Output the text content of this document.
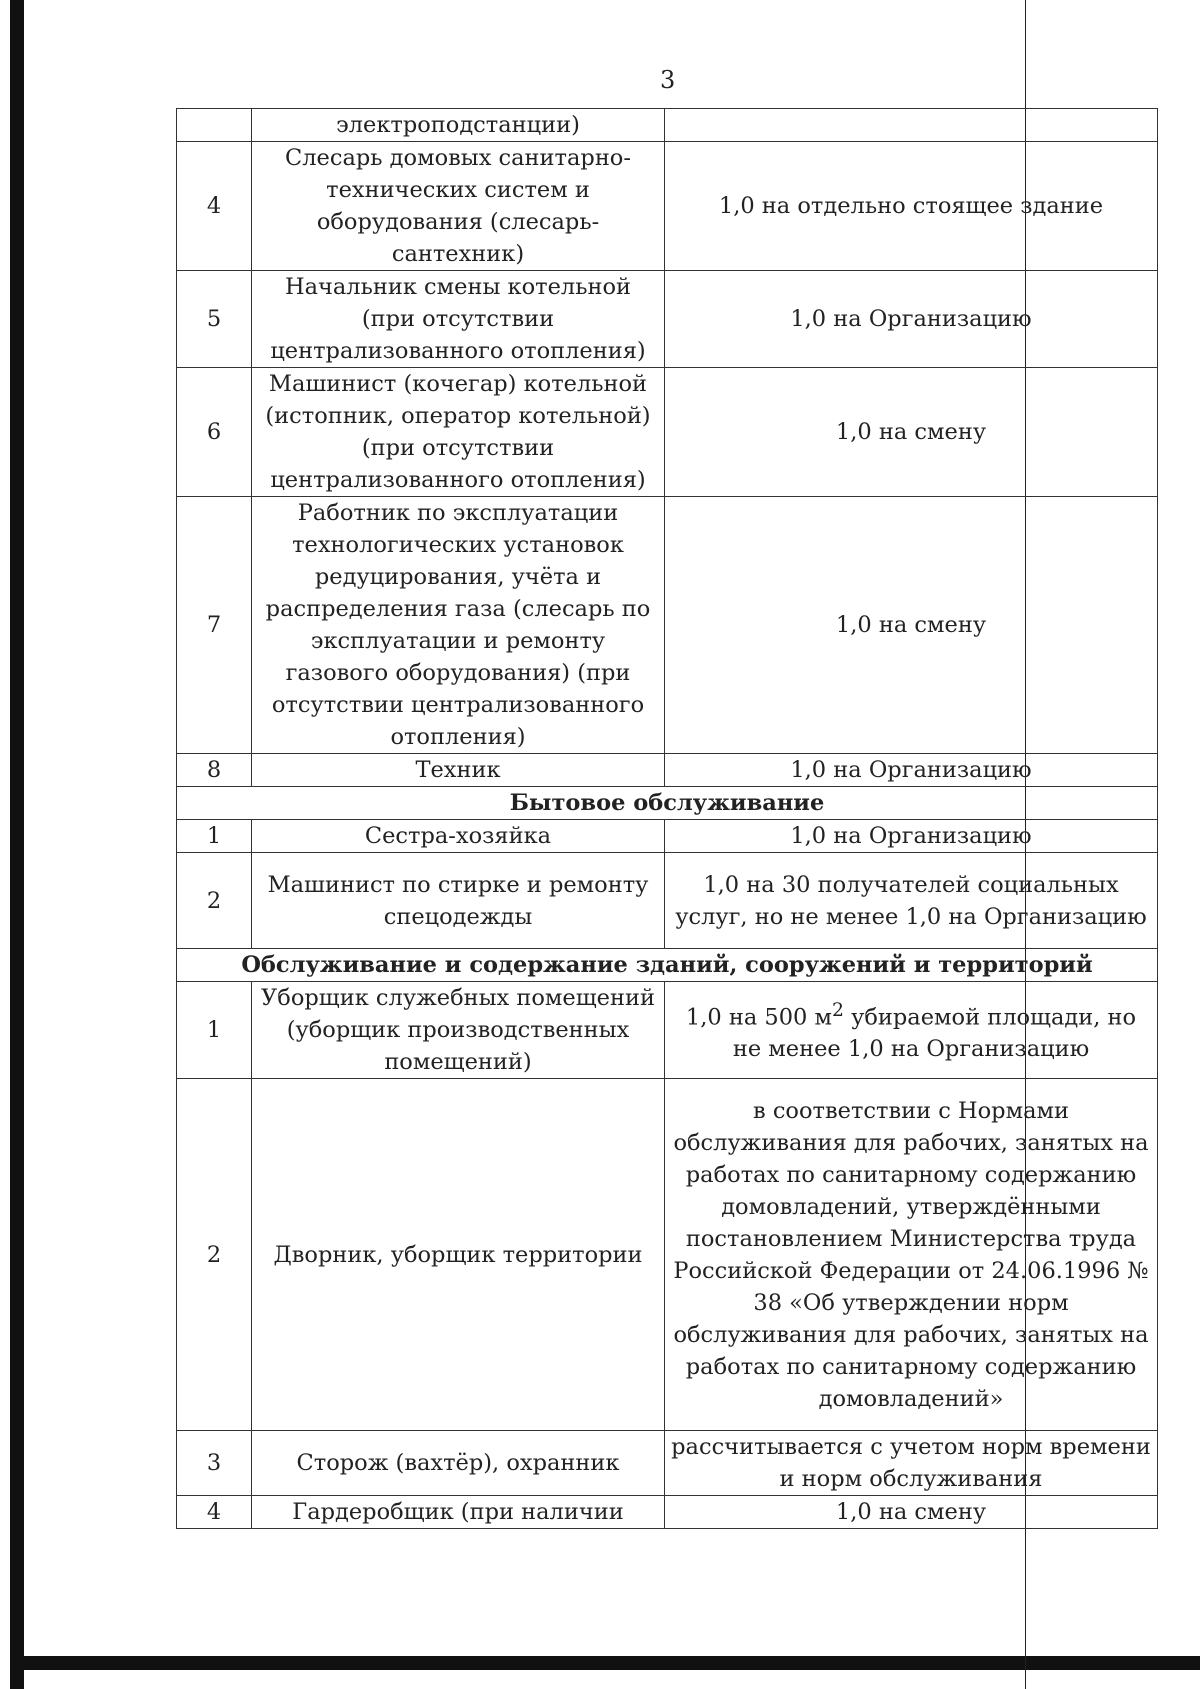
3
	электроподстанции)	
4	Слесарь домовых санитарно-технических систем и оборудования (слесарь-сантехник)	1,0 на отдельно стоящее здание
5	Начальник смены котельной (при отсутствии централизованного отопления)	1,0 на Организацию
6	Машинист (кочегар) котельной (истопник, оператор котельной) (при отсутствии централизованного отопления)	1,0 на смену
7	Работник по эксплуатации технологических установок редуцирования, учёта и распределения газа (слесарь по эксплуатации и ремонту газового оборудования) (при отсутствии централизованного отопления)	1,0 на смену
8	Техник	1,0 на Организацию
Бытовое обслуживание		
1	Сестра-хозяйка	1,0 на Организацию
2	Машинист по стирке и ремонту спецодежды	1,0 на 30 получателей социальных услуг, но не менее 1,0 на Организацию
Обслуживание и содержание зданий, сооружений и территорий		
1	Уборщик служебных помещений (уборщик производственных помещений)	1,0 на 500 $м^2$ убираемой площади, но не менее 1,0 на Организацию
2	Дворник, уборщик территории	в соответствии с Нормами обслуживания для рабочих, занятых на работах по санитарному содержанию домовладений, утверждёнными постановлением Министерства труда Российской Федерации от 24.06.1996 № 38 «Об утверждении норм обслуживания для рабочих, занятых на работах по санитарному содержанию домовладений»
3	Сторож (вахтёр), охранник	рассчитывается с учетом норм времени и норм обслуживания
4	Гардеробщик (при наличии	1,0 на смену
